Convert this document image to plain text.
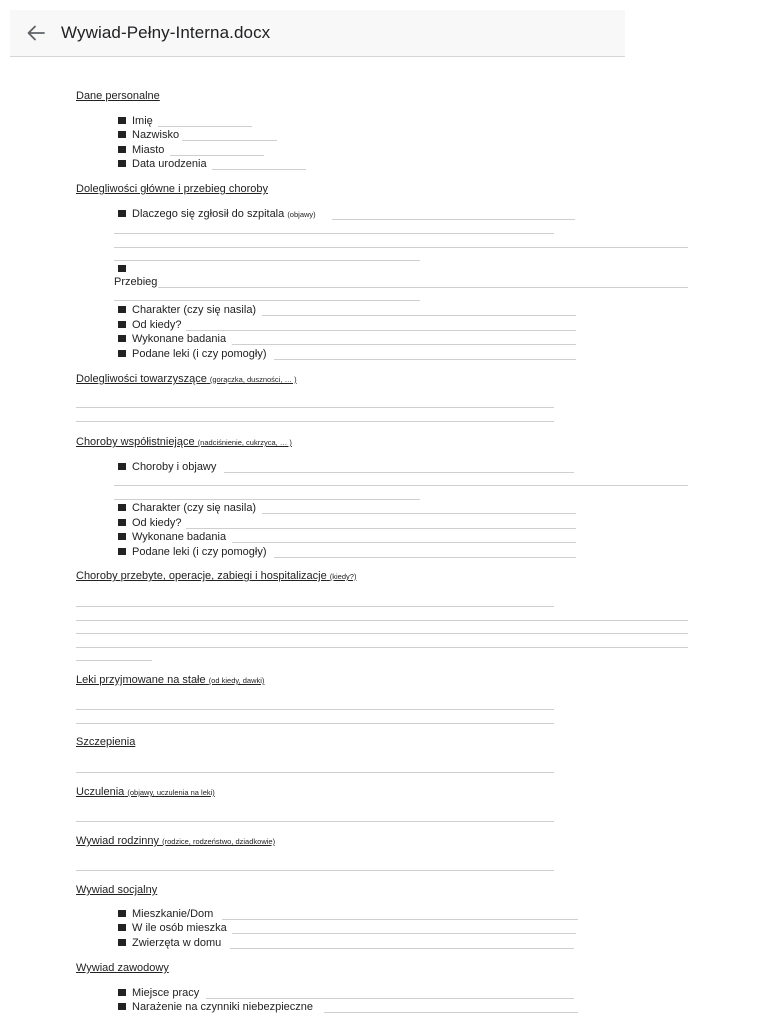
Wywiad-Pełny-Interna.docx
Dane personalne
Imię
Nazwisko
Miasto
Data urodzenia
Dolegliwości główne i przebieg choroby
Dlaczego się zgłosił do szpitala (objawy)
Przebieg
Charakter (czy się nasila)
Od kiedy?
Wykonane badania
Podane leki (i czy pomogły)
Dolegliwości towarzyszące (gorączka, duszności, … )
Choroby współistniejące (nadciśnienie, cukrzyca, … )
Choroby i objawy
Charakter (czy się nasila)
Od kiedy?
Wykonane badania
Podane leki (i czy pomogły)
Choroby przebyte, operacje, zabiegi i hospitalizacje (kiedy?)
Leki przyjmowane na stałe (od kiedy, dawki)
Szczepienia
Uczulenia (objawy, uczulenia na leki)
Wywiad rodzinny (rodzice, rodzeństwo, dziadkowie)
Wywiad socjalny
Mieszkanie/Dom
W ile osób mieszka
Zwierzęta w domu
Wywiad zawodowy
Miejsce pracy
Narażenie na czynniki niebezpieczne
